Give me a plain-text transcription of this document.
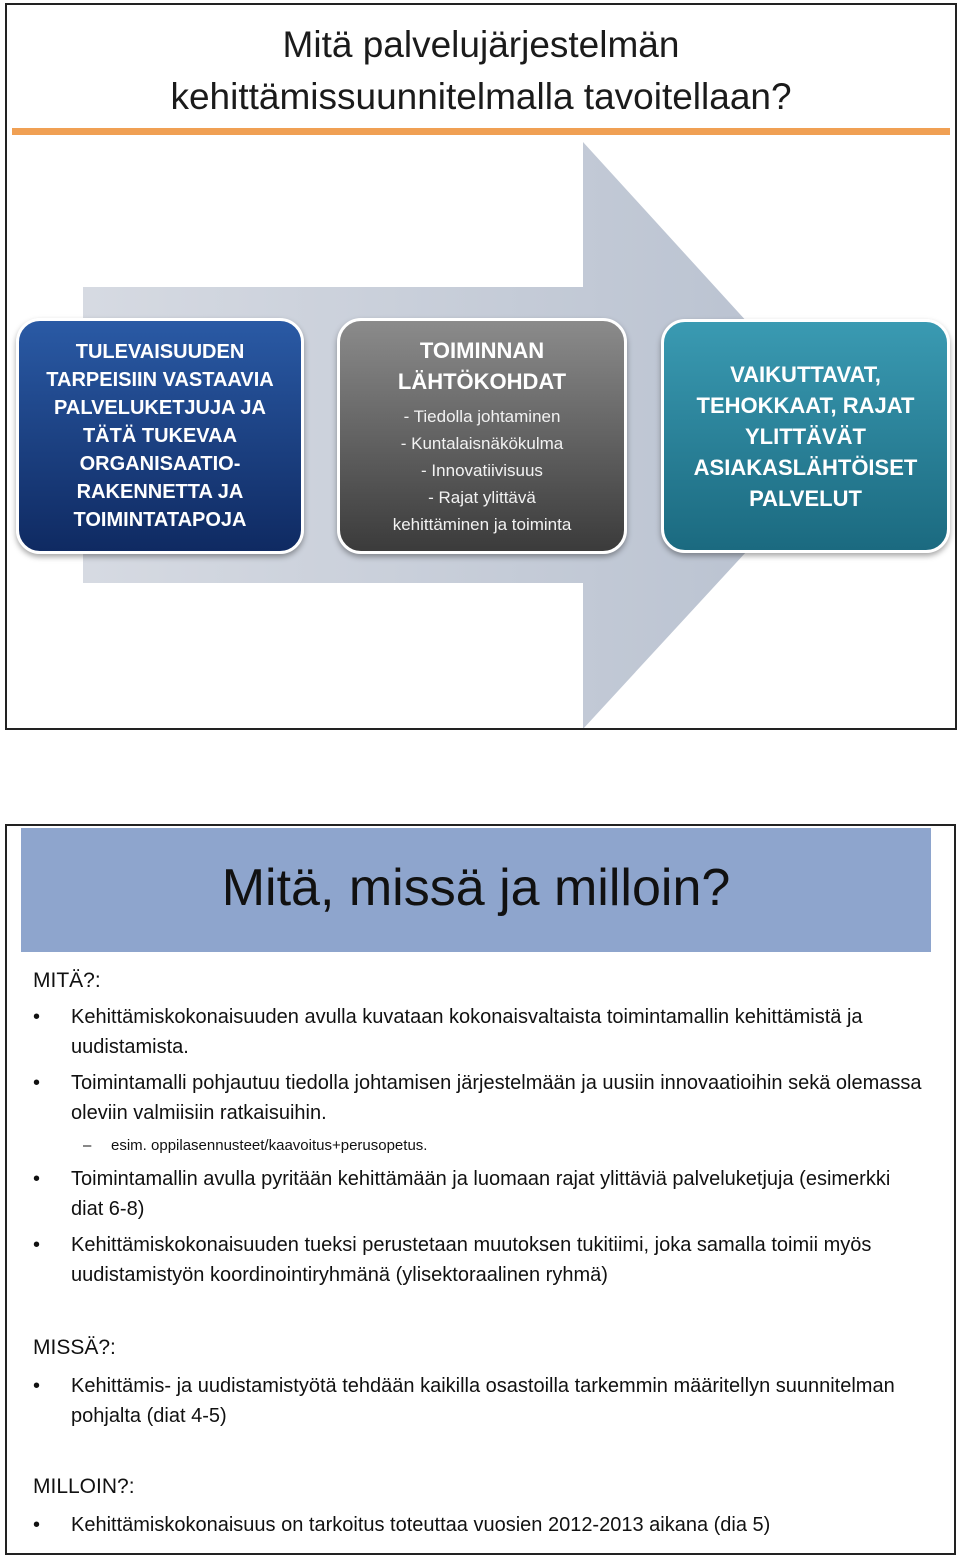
Mitä palvelujärjestelmän
kehittämissuunnitelmalla tavoitellaan?
TULEVAISUUDEN
TARPEISIIN VASTAAVIA
PALVELUKETJUJA JA
TÄTÄ TUKEVAA
ORGANISAATIO-
RAKENNETTA JA
TOIMINTATAPOJA
TOIMINNAN
LÄHTÖKOHDAT
- Tiedolla johtaminen
- Kuntalaisnäkökulma
- Innovatiivisuus
- Rajat ylittävä
kehittäminen ja toiminta
VAIKUTTAVAT,
TEHOKKAAT, RAJAT
YLITTÄVÄT
ASIAKASLÄHTÖISET
PALVELUT
Mitä, missä ja milloin?
MITÄ?:
• Kehittämiskokonaisuuden avulla kuvataan kokonaisvaltaista toimintamallin kehittämistä ja uudistamista.
• Toimintamalli pohjautuu tiedolla johtamisen järjestelmään ja uusiin innovaatioihin sekä olemassa oleviin valmiisiin ratkaisuihin.
– esim. oppilasennusteet/kaavoitus+perusopetus.
• Toimintamallin avulla pyritään kehittämään ja luomaan rajat ylittäviä palveluketjuja (esimerkki diat 6-8)
• Kehittämiskokonaisuuden tueksi perustetaan muutoksen tukitiimi, joka samalla toimii myös uudistamistyön koordinointiryhmänä (ylisektoraalinen ryhmä)
MISSÄ?:
• Kehittämis- ja uudistamistyötä tehdään kaikilla osastoilla tarkemmin määritellyn suunnitelman pohjalta (diat 4-5)
MILLOIN?:
• Kehittämiskokonaisuus on tarkoitus toteuttaa vuosien 2012-2013 aikana (dia 5)
